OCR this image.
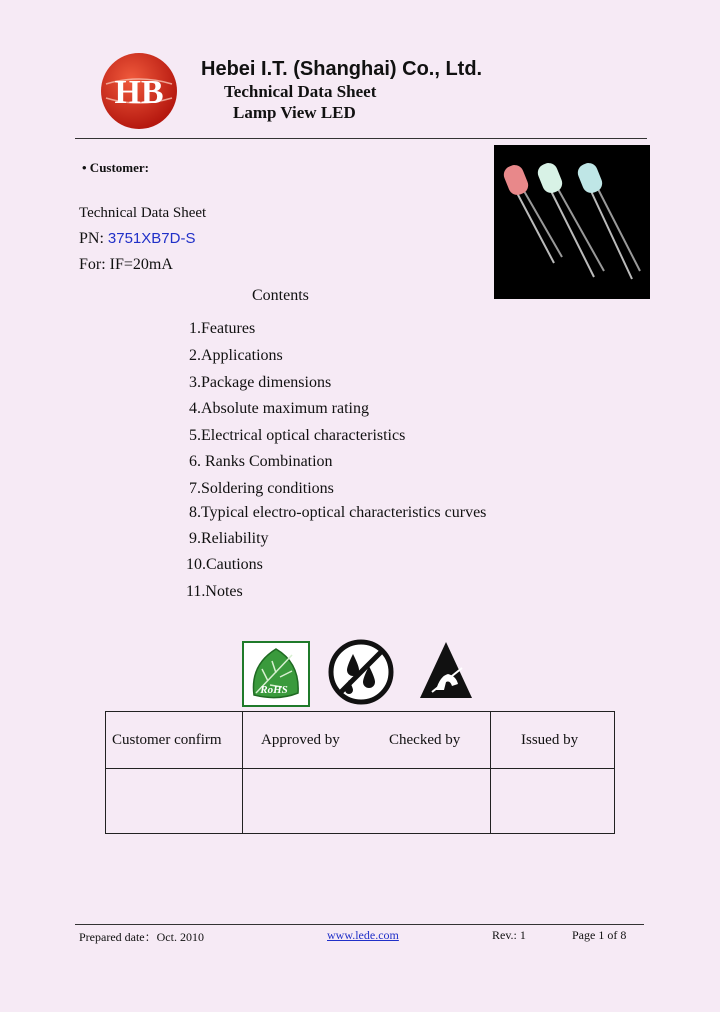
HB
Hebei I.T. (Shanghai) Co., Ltd.
Technical Data Sheet
Lamp View LED
• Customer:
Technical Data Sheet
PN: 3751XB7D-S
For: IF=20mA
Contents
1.Features
2.Applications
3.Package dimensions
4.Absolute maximum rating
5.Electrical optical characteristics
6. Ranks Combination
7.Soldering conditions
8.Typical electro-optical characteristics curves
9.Reliability
10.Cautions
11.Notes
RoHS
Customer confirm	Approved by	Checked by	Issued by
Prepared date：Oct. 2010	www.lede.com	Rev.: 1	Page 1 of 8
